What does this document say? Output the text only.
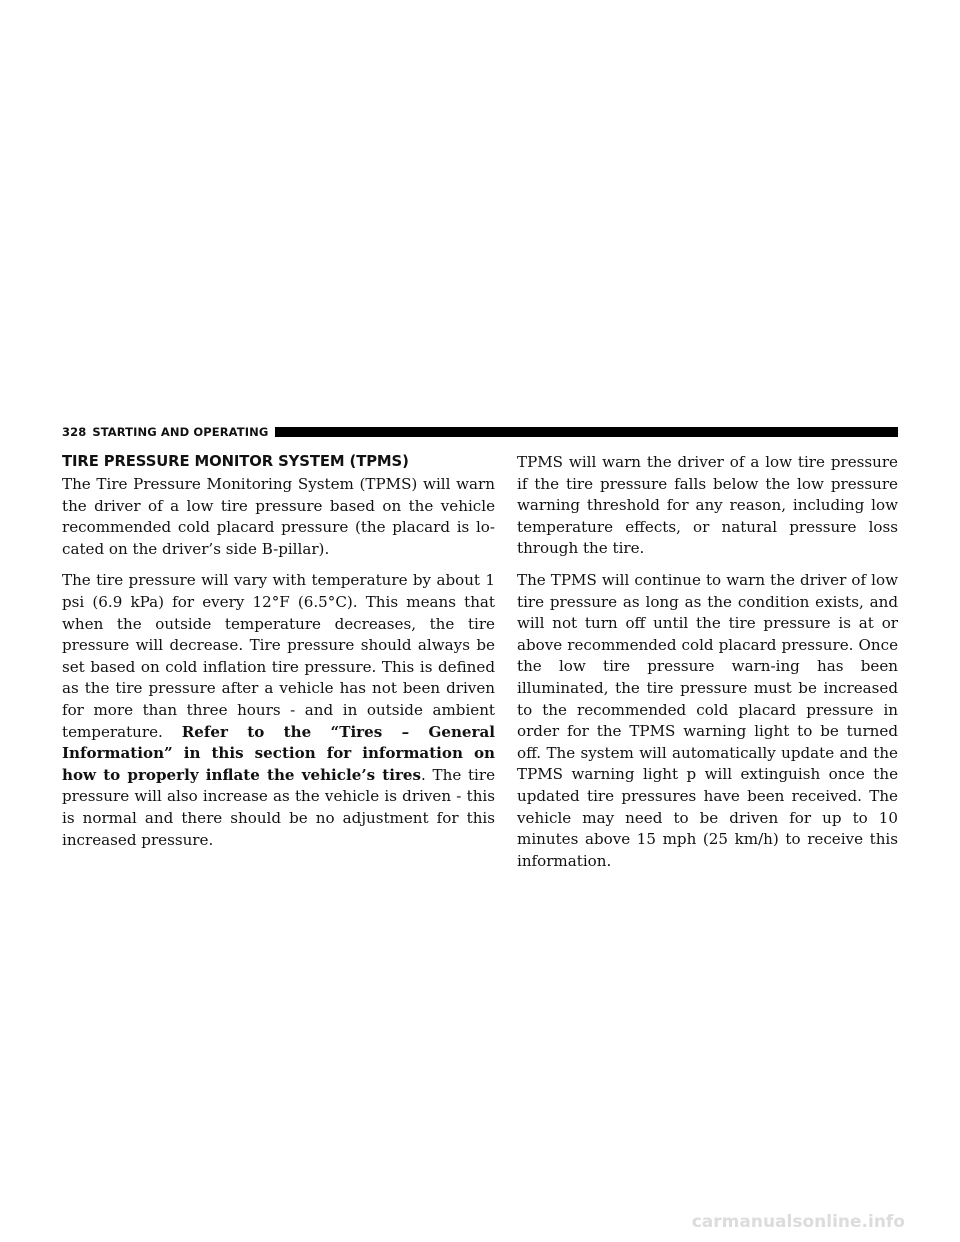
328 STARTING AND OPERATING
TIRE PRESSURE MONITOR SYSTEM (TPMS)

The Tire Pressure Monitoring System (TPMS) will warn the driver of a low tire pressure based on the vehicle recommended cold placard pressure (the placard is lo-cated on the driver’s side B-pillar).

The tire pressure will vary with temperature by about 1 psi (6.9 kPa) for every 12°F (6.5°C). This means that when the outside temperature decreases, the tire pressure will decrease. Tire pressure should always be set based on cold inflation tire pressure. This is defined as the tire pressure after a vehicle has not been driven for more than three hours - and in outside ambient temperature. Refer to the “Tires – General Information” in this section for information on how to properly inflate the vehicle’s tires. The tire pressure will also increase as the vehicle is driven - this is normal and there should be no adjustment for this increased pressure.

TPMS will warn the driver of a low tire pressure if the tire pressure falls below the low pressure warning threshold for any reason, including low temperature effects, or natural pressure loss through the tire.

The TPMS will continue to warn the driver of low tire pressure as long as the condition exists, and will not turn off until the tire pressure is at or above recommended cold placard pressure. Once the low tire pressure warn-ing has been illuminated, the tire pressure must be increased to the recommended cold placard pressure in order for the TPMS warning light to be turned off. The system will automatically update and the TPMS warning light p will extinguish once the updated tire pressures have been received. The vehicle may need to be driven for up to 10 minutes above 15 mph (25 km/h) to receive this information.

carmanualsonline.info
